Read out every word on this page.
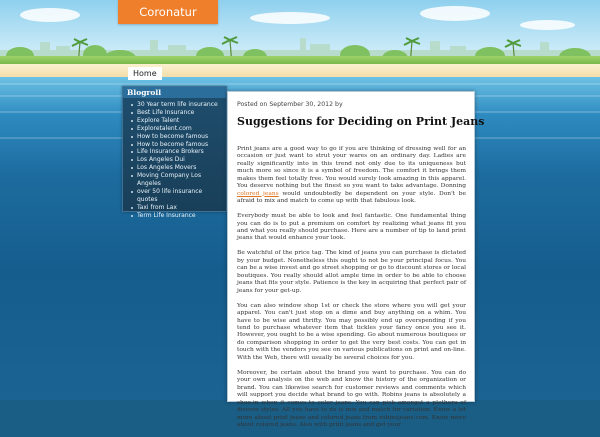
Coronatur
Home
Blogroll
30 Year term life insurance
Best Life Insurance
Explore Talent
Exploretalent.com
How to become famous
How to become famous
Life Insurance Brokers
Los Angeles Dui
Los Angeles Movers
Moving Company Los Angeles
over 50 life insurance quotes
Taxi from Lax
Term Life Insurance

Posted on September 30, 2012 by

Suggestions for Deciding on Print Jeans

Print jeans are a good way to go if you are thinking of dressing well for an occasion or just want to strut your wares on an ordinary day. Ladies are really significantly into in this trend not only due to its uniqueness but much more so since it is a symbol of freedom. The comfort it brings them makes them feel totally free. You would surely look amazing in this apparel. You deserve nothing but the finest so you want to take advantage. Donning colored jeans would undoubtedly be dependent on your style. Don't be afraid to mix and match to come up with that fabulous look.

Everybody must be able to look and feel fantastic. One fundamental thing you can do is to put a premium on comfort by realizing what jeans fit you and what you really should purchase. Here are a number of tip to land print jeans that would enhance your look.

Be watchful of the price tag. The kind of jeans you can purchase is dictated by your budget. Nonetheless this ought to not be your principal focus. You can be a wise invest and go street shopping or go to discount stores or local boutiques. You really should allot ample time in order to be able to choose jeans that fits your style. Patience is the key in acquiring that perfect pair of jeans for your get-up.

You can also window shop 1st or check the store where you will get your apparel. You can't just stop on a dime and buy anything on a whim. You have to be wise and thrifty. You may possibly end up overspending if you tend to purchase whatever item that tickles your fancy once you see it. However, you ought to be a wise spending. Go about numerous boutiques or do comparison shopping in order to get the very best costs. You can get in touch with the vendors you see on various publications on print and on-line. With the Web, there will usually be several choices for you.

Moreover, be certain about the brand you want to purchase. You can do your own analysis on the web and know the history of the organization or brand. You can likewise search for customer reviews and comments which will support you decide what brand to go with. Robins jeans is absolutely a shoo-in when it comes to color jeans. You can pick amongst a plethora of diverse styles. All you have to do is mix and match for variation. Know a lot more about print jeans and colored jeans from robinsjeans.com. Know more about colored jeans. Also with print jeans and get your
